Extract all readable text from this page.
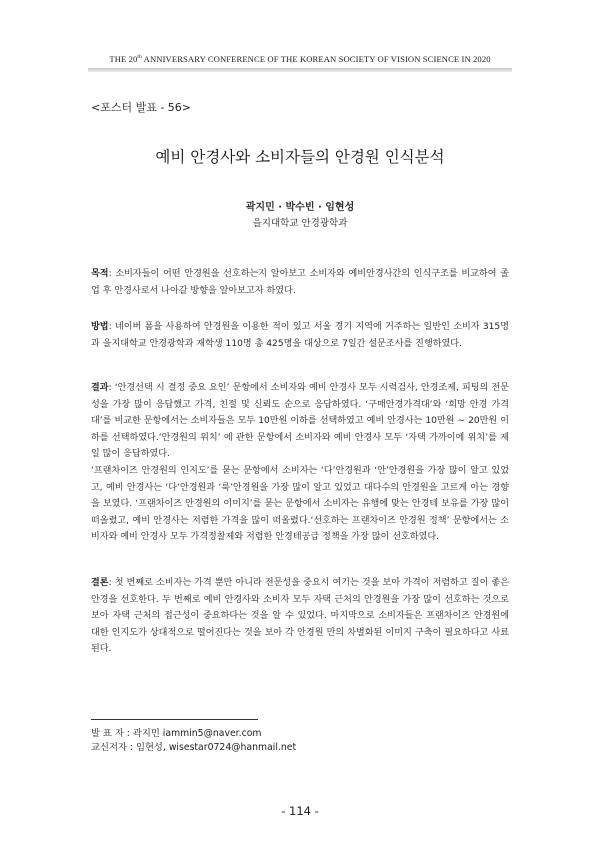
THE 20th ANNIVERSARY CONFERENCE OF THE KOREAN SOCIETY OF VISION SCIENCE IN 2020
<포스터 발표 - 56>
예비 안경사와 소비자들의 안경원 인식분석
곽지민 · 박수빈 · 임현성
을지대학교 안경광학과

목적: 소비자들이 어떤 안경원을 선호하는지 알아보고 소비자와 예비안경사간의 인식구조를 비교하여 졸업 후 안경사로서 나아갈 방향을 알아보고자 하였다.

방법: 네이버 폼을 사용하여 안경원을 이용한 적이 있고 서울 경기 지역에 거주하는 일반인 소비자 315명과 을지대학교 안경광학과 재학생 110명 총 425명을 대상으로 7일간 설문조사를 진행하였다.

결과: ‘안경선택 시 결정 중요 요인’ 문항에서 소비자와 예비 안경사 모두 시력검사, 안경조제, 피팅의 전문성을 가장 많이 응답했고 가격, 친절 및 신뢰도 순으로 응답하였다. ‘구매안경가격대’와 ‘희망 안경 가격대’를 비교한 문항에서는 소비자들은 모두 10만원 이하를 선택하였고 예비 안경사는 10만원 ∼ 20만원 이하를 선택하였다.‘안경원의 위치’ 에 관한 문항에서 소비자와 예비 안경사 모두 ‘자택 가까이에 위치’를 제일 많이 응답하였다.
‘프랜차이즈 안경원의 인지도’를 묻는 문항에서 소비자는 ‘다’안경원과 ‘안’안경원을 가장 많이 알고 있었고, 예비 안경사는 ‘다’안경원과 ‘룩’안경원을 가장 많이 알고 있었고 대다수의 안경원을 고르게 아는 경향을 보였다. ‘프랜차이즈 안경원의 이미지’를 묻는 문항에서 소비자는 유행에 맞는 안경테 보유를 가장 많이 떠올렸고, 예비 안경사는 저렴한 가격을 많이 떠올렸다.‘선호하는 프랜차이즈 안경원 정책’ 문항에서는 소비자와 예비 안경사 모두 가격정찰제와 저렴한 안경테공급 정책을 가장 많이 선호하였다.

결론: 첫 번째로 소비자는 가격 뿐만 아니라 전문성을 중요시 여기는 것을 보아 가격이 저렴하고 질이 좋은 안경을 선호한다. 두 번째로 예비 안경사와 소비자 모두 자택 근처의 안경원을 가장 많이 선호하는 것으로 보아 자택 근처의 접근성이 중요하다는 것을 알 수 있었다. 마지막으로 소비자들은 프랜차이즈 안경원에 대한 인지도가 상대적으로 떨어진다는 것을 보아 각 안경원 만의 차별화된 이미지 구축이 필요하다고 사료된다.

발 표 자 : 곽지민 iammin5@naver.com
교신저자 : 임현성, wisestar0724@hanmail.net
- 114 -
